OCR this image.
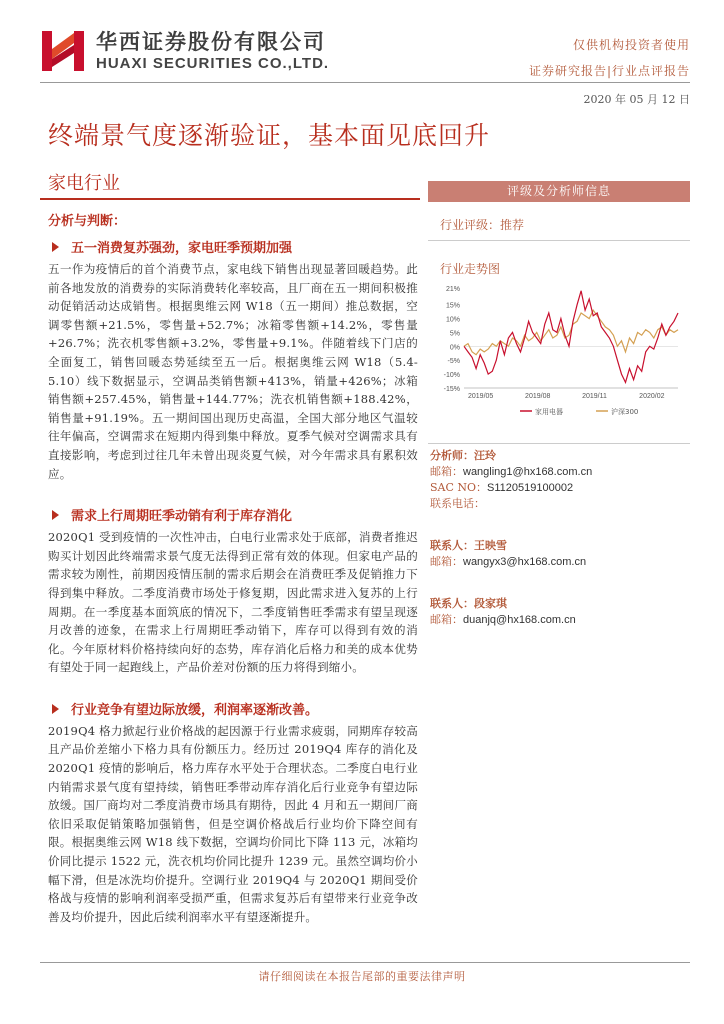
华西证券股份有限公司
HUAXI SECURITIES CO.,LTD.
仅供机构投资者使用
证券研究报告|行业点评报告
2020 年 05 月 12 日
终端景气度逐渐验证，基本面见底回升
家电行业
分析与判断：
五一消费复苏强劲，家电旺季预期加强

五一作为疫情后的首个消费节点，家电线下销售出现显著回暖趋势。此前各地发放的消费券的实际消费转化率较高，且厂商在五一期间积极推动促销活动达成销售。根据奥维云网 W18（五一期间）推总数据，空调零售额+21.5%，零售量+52.7%；冰箱零售额+14.2%，零售量+26.7%；洗衣机零售额+3.2%，零售量+9.1%。伴随着线下门店的全面复工，销售回暖态势延续至五一后。根据奥维云网 W18（5.4-5.10）线下数据显示，空调品类销售额+413%，销量+426%；冰箱销售额+257.45%，销售量+144.77%；洗衣机销售额+188.42%，销售量+91.19%。五一期间国出现历史高温，全国大部分地区气温较往年偏高，空调需求在短期内得到集中释放。夏季气候对空调需求具有直接影响，考虑到过往几年未曾出现炎夏气候，对今年需求具有累积效应。

需求上行周期旺季动销有利于库存消化

2020Q1 受到疫情的一次性冲击，白电行业需求处于底部，消费者推迟购买计划因此终端需求景气度无法得到正常有效的体现。但家电产品的需求较为刚性，前期因疫情压制的需求后期会在消费旺季及促销推力下得到集中释放。二季度消费市场处于修复期，因此需求进入复苏的上行周期。在一季度基本面筑底的情况下，二季度销售旺季需求有望呈现逐月改善的迹象，在需求上行周期旺季动销下，库存可以得到有效的消化。今年原材料价格持续向好的态势，库存消化后格力和美的成本优势有望处于同一起跑线上，产品价差对份额的压力将得到缩小。

行业竞争有望边际放缓，利润率逐渐改善。

2019Q4 格力掀起行业价格战的起因源于行业需求疲弱，同期库存较高且产品价差缩小下格力具有份额压力。经历过 2019Q4 库存的消化及 2020Q1 疫情的影响后，格力库存水平处于合理状态。二季度白电行业内销需求景气度有望持续，销售旺季带动库存消化后行业竞争有望边际放缓。国厂商均对二季度消费市场具有期待，因此 4 月和五一期间厂商依旧采取促销策略加强销售，但是空调价格战后行业均价下降空间有限。根据奥维云网 W18 线下数据，空调均价同比下降 113 元，冰箱均价同比提示 1522 元，洗衣机均价同比提升 1239 元。虽然空调均价小幅下滑，但是冰洗均价提升。空调行业 2019Q4 与 2020Q1 期间受价格战与疫情的影响利润率受损严重，但需求复苏后有望带来行业竞争改善及均价提升，因此后续利润率水平有望逐渐提升。

评级及分析师信息
行业评级：推荐
行业走势图
21%
15%
10%
5%
0%
-5%
-10%
-15%
2019/05	2019/08	2019/11	2020/02
家用电器	沪深300
分析师：汪玲
邮箱：wangling1@hx168.com.cn
SAC NO：S1120519100002
联系电话：
联系人：王映雪
邮箱：wangyx3@hx168.com.cn
联系人：段家琪
邮箱：duanjq@hx168.com.cn
请仔细阅读在本报告尾部的重要法律声明
